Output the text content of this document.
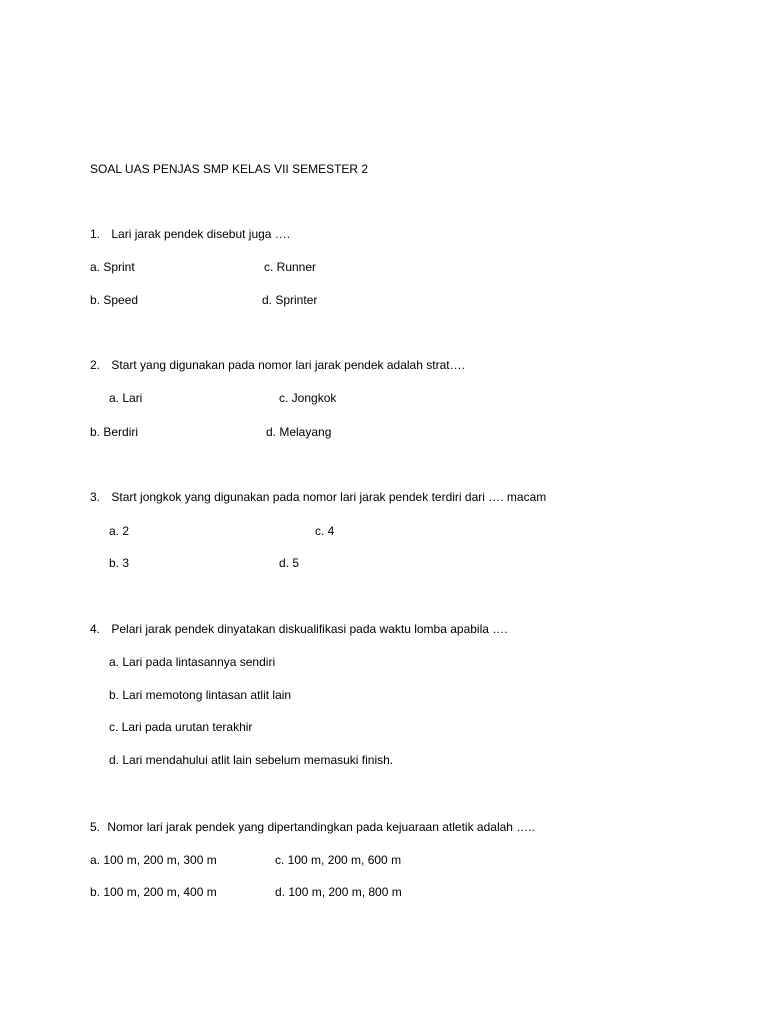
SOAL UAS PENJAS SMP KELAS VII SEMESTER 2
1. Lari jarak pendek disebut juga ….
a. Sprint	c. Runner
b. Speed	d. Sprinter
2. Start yang digunakan pada nomor lari jarak pendek adalah strat….
a. Lari	c. Jongkok
b. Berdiri	d. Melayang
3. Start jongkok yang digunakan pada nomor lari jarak pendek terdiri dari …. macam
a. 2	c. 4
b. 3	d. 5
4. Pelari jarak pendek dinyatakan diskualifikasi pada waktu lomba apabila ….
a. Lari pada lintasannya sendiri
b. Lari memotong lintasan atlit lain
c. Lari pada urutan terakhir
d. Lari mendahului atlit lain sebelum memasuki finish.
5. Nomor lari jarak pendek yang dipertandingkan pada kejuaraan atletik adalah …..
a. 100 m, 200 m, 300 m	c. 100 m, 200 m, 600 m
b. 100 m, 200 m, 400 m	d. 100 m, 200 m, 800 m
